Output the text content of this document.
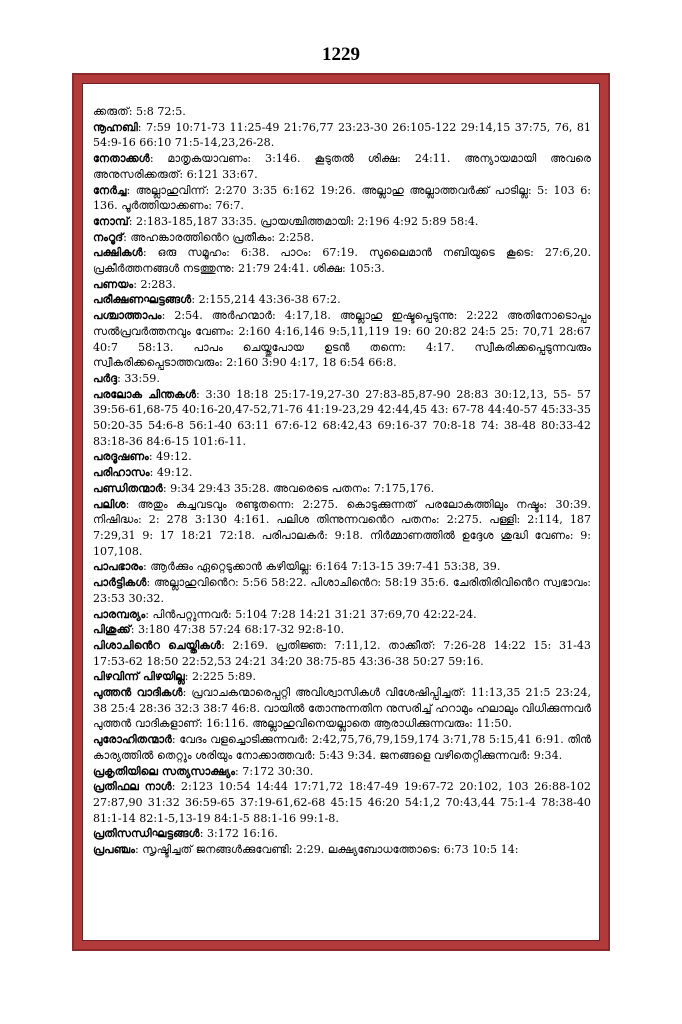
1229

ക്കരുത്: 5:8 72:5.

നൂഹ്നബി: 7:59 10:71-73 11:25-49 21:76,77 23:23-30 26:105-122 29:14,15 37:75, 76, 81 54:9-16 66:10 71:5-14,23,26-28.

നേതാക്കൾ: മാതൃകയാവണം: 3:146. കൂടുതൽ ശിക്ഷ: 24:11. അന്യായമായി അവരെ അനുസരിക്കരുത്: 6:121 33:67.

നേർച്ച: അല്ലാഹുവിന്ന്: 2:270 3:35 6:162 19:26. അല്ലാഹു അല്ലാത്തവർക്ക് പാടില്ല: 5: 103 6: 136. പൂർത്തിയാക്കണം: 76:7.

നോമ്പ്: 2:183-185,187 33:35. പ്രായശ്ചിത്തമായി: 2:196 4:92 5:89 58:4.

നംറൂദ്: അഹങ്കാരത്തിൻെറ പ്രതീകം: 2:258.

പക്ഷികൾ: ഒരു സമൂഹം: 6:38. പാഠം: 67:19. സുലൈമാൻ നബിയുടെ കൂടെ: 27:6,20. പ്രകീർത്തനങ്ങൾ നടത്തുന്നു: 21:79 24:41. ശിക്ഷ: 105:3.

പണയം: 2:283.

പരീക്ഷണഘട്ടങ്ങൾ: 2:155,214 43:36-38 67:2.

പശ്ചാത്താപം: 2:54. അർഹന്മാർ: 4:17,18. അല്ലാഹു ഇഷ്ടപ്പെടുന്നു: 2:222 അതിനോടൊപ്പം സൽപ്രവർത്തനവും വേണം: 2:160 4:16,146 9:5,11,119 19: 60 20:82 24:5 25: 70,71 28:67 40:7 58:13. പാപം ചെയ്തുപോയ ഉടൻ തന്നെ: 4:17. സ്വീകരിക്കപ്പെടുന്നവരും സ്വീകരിക്കപ്പെടാത്തവരും: 2:160 3:90 4:17, 18 6:54 66:8.

പർദ്ദ: 33:59.

പരലോക ചിന്തകൾ: 3:30 18:18 25:17-19,27-30 27:83-85,87-90 28:83 30:12,13, 55- 57 39:56-61,68-75 40:16-20,47-52,71-76 41:19-23,29 42:44,45 43: 67-78 44:40-57 45:33-35 50:20-35 54:6-8 56:1-40 63:11 67:6-12 68:42,43 69:16-37 70:8-18 74: 38-48 80:33-42 83:18-36 84:6-15 101:6-11.

പരദൂഷണം: 49:12.

പരിഹാസം: 49:12.

പണ്ഡിതന്മാർ: 9:34 29:43 35:28. അവരെടെ പതനം: 7:175,176.

പലിശ: അതും കച്ചവടവും രണ്ടുതന്നെ: 2:275. കൊടുക്കുന്നത് പരലോകത്തിലും നഷ്ടം: 30:39. നിഷിദ്ധം: 2: 278 3:130 4:161. പലിശ തിന്നുന്നവൻെറ പതനം: 2:275. പള്ളി: 2:114, 187 7:29,31 9: 17 18:21 72:18. പരിപാലകർ: 9:18. നിർമ്മാണത്തിൽ ഉദ്ദേശ ശുദ്ധി വേണം: 9: 107,108.

പാപഭാരം: ആർക്കും ഏറ്റെടുക്കാൻ കഴിയില്ല: 6:164 7:13-15 39:7-41 53:38, 39.

പാർട്ടികൾ: അല്ലാഹുവിൻെറ: 5:56 58:22. പിശാചിൻെറ: 58:19 35:6. ചേരിതിരിവിൻെറ സ്വഭാവം: 23:53 30:32.

പാരമ്പര്യം: പിൻപറ്റുന്നവർ: 5:104 7:28 14:21 31:21 37:69,70 42:22-24.

പിശുക്ക്: 3:180 47:38 57:24 68:17-32 92:8-10.

പിശാചിൻെറ ചെയ്തികൾ: 2:169. പ്രതിജ്ഞ: 7:11,12. താക്കീത്: 7:26-28 14:22 15: 31-43 17:53-62 18:50 22:52,53 24:21 34:20 38:75-85 43:36-38 50:27 59:16.

പിഴവിന്ന് പിഴയില്ല: 2:225 5:89.

പുത്തൻ വാദികൾ: പ്രവാചകന്മാരെപ്പറ്റി അവിശ്വാസികൾ വിശേഷിപ്പിച്ചത്: 11:13,35 21:5 23:24, 38 25:4 28:36 32:3 38:7 46:8. വായിൽ തോന്നുന്നതിന നുസരിച്ച് ഹറാമും ഹലാലും വിധിക്കുന്നവർ പുത്തൻ വാദികളാണ്: 16:116. അല്ലാഹുവിനെയല്ലാതെ ആരാധിക്കുന്നവരും: 11:50.

പുരോഹിതന്മാർ: വേദം വളച്ചൊടിക്കുന്നവർ: 2:42,75,76,79,159,174 3:71,78 5:15,41 6:91. തിൻ കാര്യത്തിൽ തെറ്റും ശരിയും നോക്കാത്തവർ: 5:43 9:34. ജനങ്ങളെ വഴിതെറ്റിക്കുന്നവർ: 9:34.

പ്രകൃതിയിലെ സത്യസാക്ഷ്യം: 7:172 30:30.

പ്രതിഫല നാൾ: 2:123 10:54 14:44 17:71,72 18:47-49 19:67-72 20:102, 103 26:88-102 27:87,90 31:32 36:59-65 37:19-61,62-68 45:15 46:20 54:1,2 70:43,44 75:1-4 78:38-40 81:1-14 82:1-5,13-19 84:1-5 88:1-16 99:1-8.

പ്രതിസന്ധിഘട്ടങ്ങൾ: 3:172 16:16.

പ്രപഞ്ചം: സൃഷ്ടിച്ചത് ജനങ്ങൾക്കുവേണ്ടി: 2:29. ലക്ഷ്യബോധത്തോടെ: 6:73 10:5 14:
